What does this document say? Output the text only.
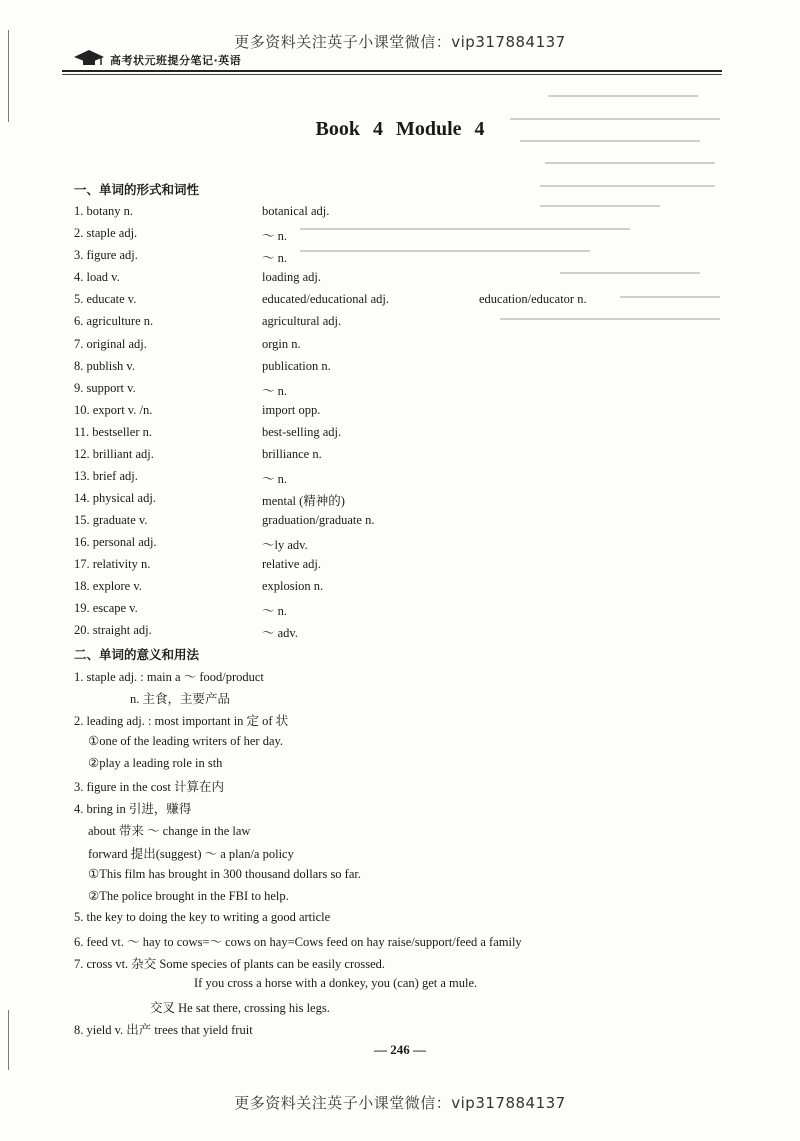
更多资料关注英子小课堂微信：vip317884137
高考状元班提分笔记·英语
Book 4 Module 4
一、单词的形式和词性
1. botany n.	botanical adj.
2. staple adj.	～ n.
3. figure adj.	～ n.
4. load v.	loading adj.
5. educate v.	educated/educational adj.	education/educator n.
6. agriculture n.	agricultural adj.
7. original adj.	orgin n.
8. publish v.	publication n.
9. support v.	～ n.
10. export v. /n.	import opp.
11. bestseller n.	best-selling adj.
12. brilliant adj.	brilliance n.
13. brief adj.	～ n.
14. physical adj.	mental (精神的)
15. graduate v.	graduation/graduate n.
16. personal adj.	～ly adv.
17. relativity n.	relative adj.
18. explore v.	explosion n.
19. escape v.	～ n.
20. straight adj.	～ adv.
二、单词的意义和用法
1. staple adj. : main a ～ food/product
n. 主食，主要产品
2. leading adj. : most important in 定 of 状
①one of the leading writers of her day.
②play a leading role in sth
3. figure in the cost 计算在内
4. bring in 引进，赚得
about 带来 ～ change in the law
forward 提出(suggest) ～ a plan/a policy
①This film has brought in 300 thousand dollars so far.
②The police brought in the FBI to help.
5. the key to doing the key to writing a good article
6. feed vt. ～ hay to cows=～ cows on hay=Cows feed on hay raise/support/feed a family
7. cross vt. 杂交 Some species of plants can be easily crossed.
If you cross a horse with a donkey, you (can) get a mule.
交叉 He sat there, crossing his legs.
8. yield v. 出产 trees that yield fruit
— 246 —
更多资料关注英子小课堂微信：vip317884137
